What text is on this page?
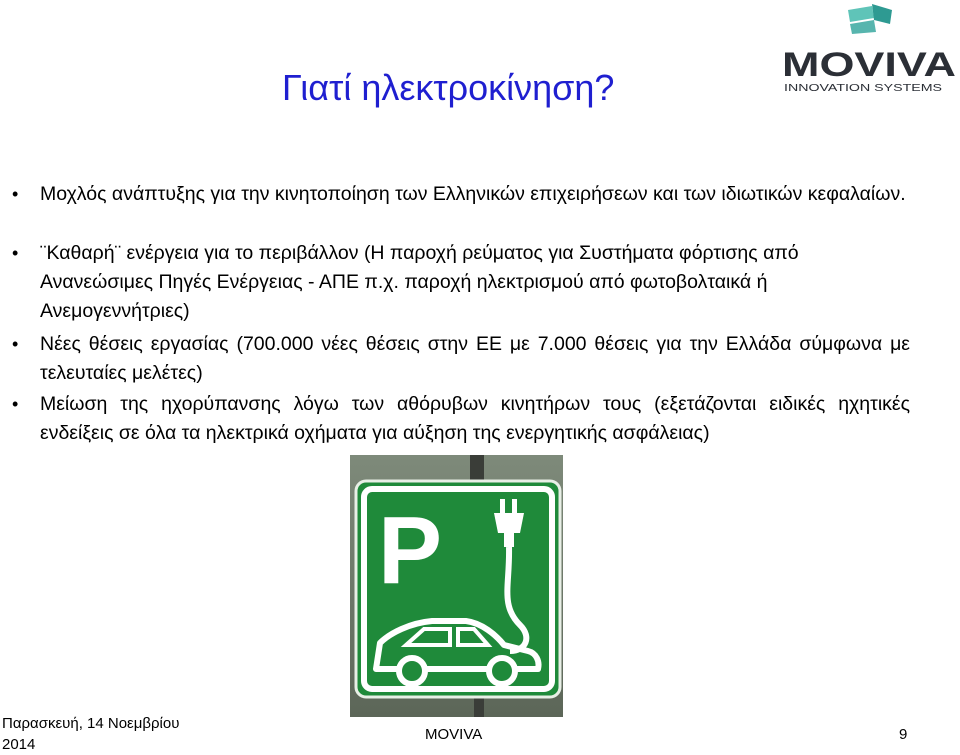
Γιατί ηλεκτροκίνηση?
MOVIVA
INNOVATION SYSTEMS
• Μοχλός ανάπτυξης για την κινητοποίηση των Ελληνικών επιχειρήσεων και των ιδιωτικών κεφαλαίων.
• ¨Καθαρή¨ ενέργεια για το περιβάλλον (Η παροχή ρεύματος για Συστήματα φόρτισης από Ανανεώσιμες Πηγές Ενέργειας - ΑΠΕ π.χ. παροχή ηλεκτρισμού από φωτοβολταικά ή Ανεμογεννήτριες)
• Νέες θέσεις εργασίας (700.000 νέες θέσεις στην ΕΕ με 7.000 θέσεις για την Ελλάδα σύμφωνα με τελευταίες μελέτες)
• Μείωση της ηχορύπανσης λόγω των αθόρυβων κινητήρων τους (εξετάζονται ειδικές ηχητικές ενδείξεις σε όλα τα ηλεκτρικά οχήματα για αύξηση της ενεργητικής ασφάλειας)
P
Παρασκευή, 14 Νοεμβρίου 2014
MOVIVA	9
